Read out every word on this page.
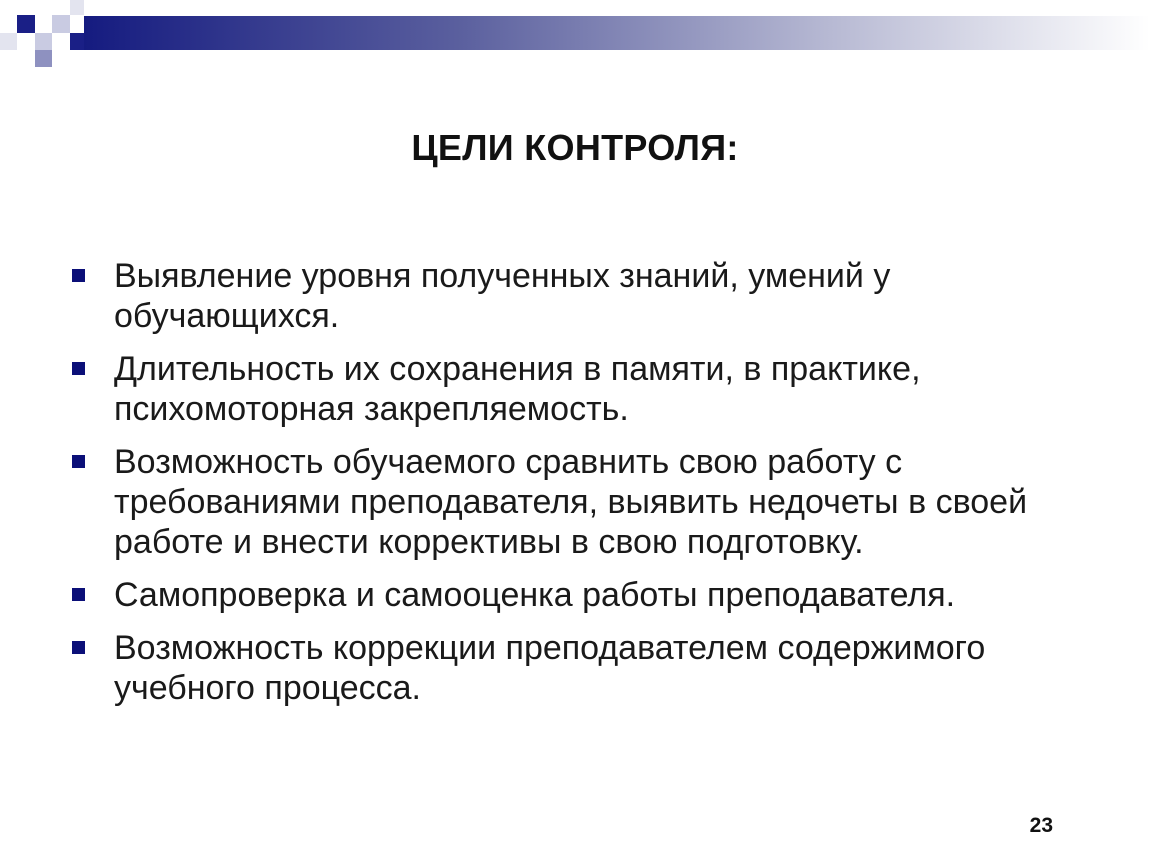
ЦЕЛИ КОНТРОЛЯ:
Выявление уровня полученных знаний, умений у обучающихся.
Длительность их сохранения в памяти, в практике, психомоторная закрепляемость.
Возможность обучаемого сравнить свою работу с требованиями преподавателя, выявить недочеты в своей работе и внести коррективы в свою подготовку.
Самопроверка и самооценка работы преподавателя.
Возможность коррекции преподавателем содержимого учебного процесса.
23
